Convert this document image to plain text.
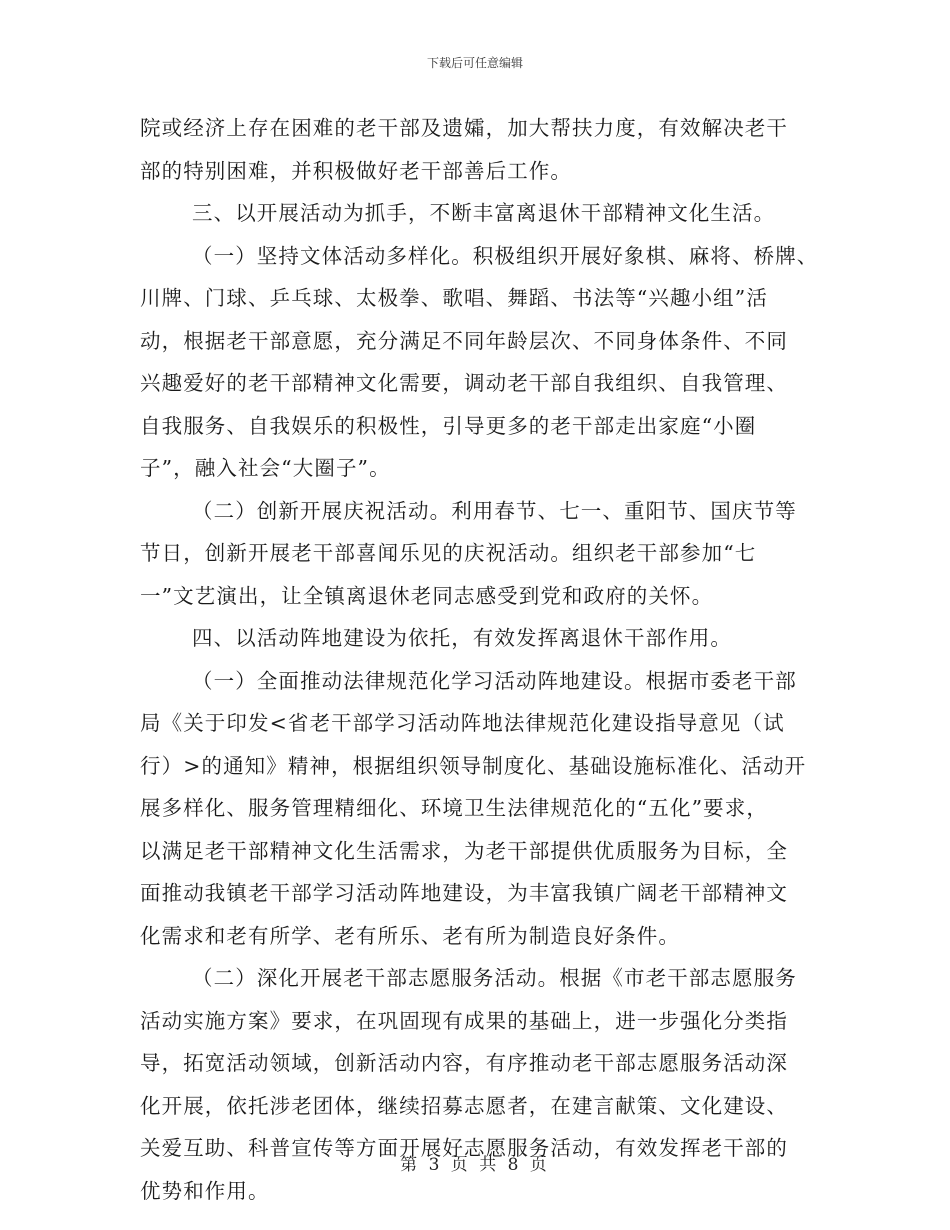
下载后可任意编辑
院或经济上存在困难的老干部及遗孀，加大帮扶力度，有效解决老干
部的特别困难，并积极做好老干部善后工作。
三、以开展活动为抓手，不断丰富离退休干部精神文化生活。
（一）坚持文体活动多样化。积极组织开展好象棋、麻将、桥牌、
川牌、门球、乒乓球、太极拳、歌唱、舞蹈、书法等“兴趣小组”活
动，根据老干部意愿，充分满足不同年龄层次、不同身体条件、不同
兴趣爱好的老干部精神文化需要，调动老干部自我组织、自我管理、
自我服务、自我娱乐的积极性，引导更多的老干部走出家庭“小圈
子”，融入社会“大圈子”。
（二）创新开展庆祝活动。利用春节、七一、重阳节、国庆节等
节日，创新开展老干部喜闻乐见的庆祝活动。组织老干部参加“七
一”文艺演出，让全镇离退休老同志感受到党和政府的关怀。
四、以活动阵地建设为依托，有效发挥离退休干部作用。
（一）全面推动法律规范化学习活动阵地建设。根据市委老干部
局《关于印发<省老干部学习活动阵地法律规范化建设指导意见（试
行）>的通知》精神，根据组织领导制度化、基础设施标准化、活动开
展多样化、服务管理精细化、环境卫生法律规范化的“五化”要求，
以满足老干部精神文化生活需求，为老干部提供优质服务为目标，全
面推动我镇老干部学习活动阵地建设，为丰富我镇广阔老干部精神文
化需求和老有所学、老有所乐、老有所为制造良好条件。
（二）深化开展老干部志愿服务活动。根据《市老干部志愿服务
活动实施方案》要求，在巩固现有成果的基础上，进一步强化分类指
导，拓宽活动领域，创新活动内容，有序推动老干部志愿服务活动深
化开展，依托涉老团体，继续招募志愿者，在建言献策、文化建设、
关爱互助、科普宣传等方面开展好志愿服务活动，有效发挥老干部的
优势和作用。
第 3 页 共 8 页
